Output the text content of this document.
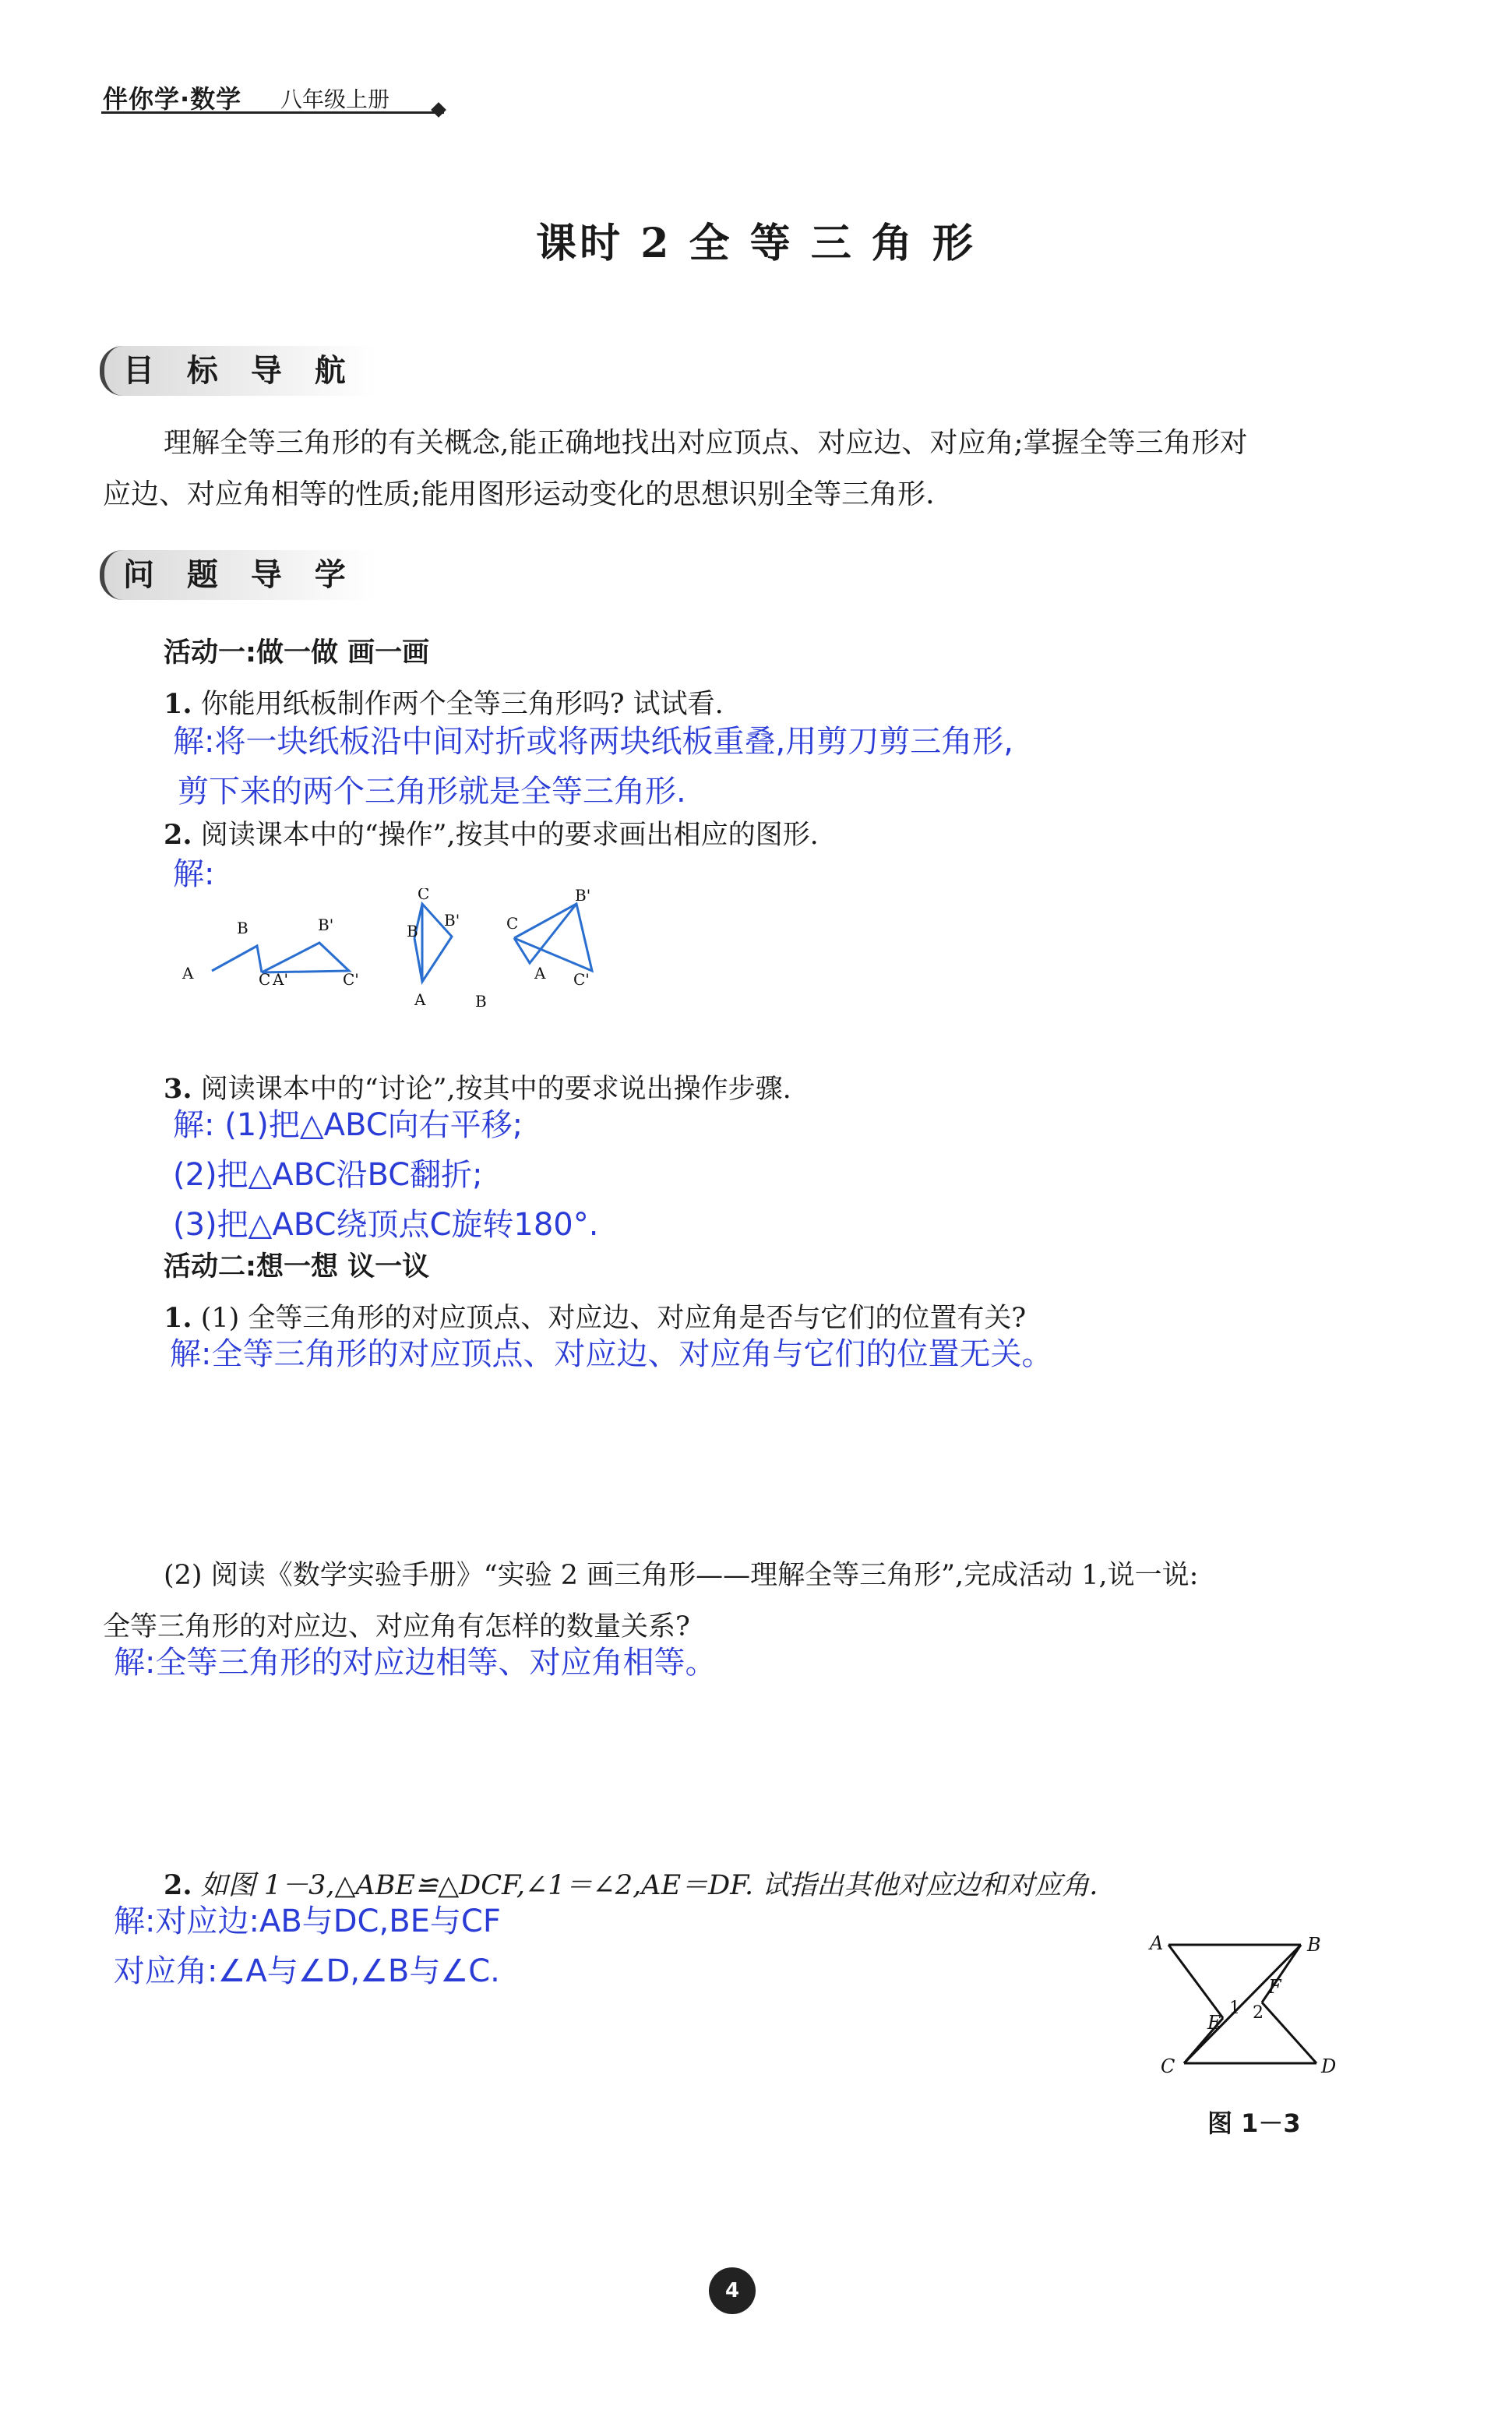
伴你学·数学 八年级上册
课时 2 全 等 三 角 形
目 标 导 航
理解全等三角形的有关概念,能正确地找出对应顶点、对应边、对应角;掌握全等三角形对
应边、对应角相等的性质;能用图形运动变化的思想识别全等三角形.
问 题 导 学
活动一:做一做 画一画
1. 你能用纸板制作两个全等三角形吗? 试试看.
解:将一块纸板沿中间对折或将两块纸板重叠,用剪刀剪三角形,
剪下来的两个三角形就是全等三角形.
2. 阅读课本中的“操作”,按其中的要求画出相应的图形.
解:
A
B
C A'
B'
C'
B
C
B'
A
C
B'
A C'
B
3. 阅读课本中的“讨论”,按其中的要求说出操作步骤.
解: (1)把△ABC向右平移;
(2)把△ABC沿BC翻折;
(3)把△ABC绕顶点C旋转180°.
活动二:想一想 议一议
1. (1) 全等三角形的对应顶点、对应边、对应角是否与它们的位置有关?
解:全等三角形的对应顶点、对应边、对应角与它们的位置无关。
(2) 阅读《数学实验手册》“实验 2 画三角形——理解全等三角形”,完成活动 1,说一说:
全等三角形的对应边、对应角有怎样的数量关系?
解:全等三角形的对应边相等、对应角相等。
2. 如图 1－3,△ABE≌△DCF,∠1＝∠2,AE＝DF. 试指出其他对应边和对应角.
解:对应边:AB与DC,BE与CF
对应角:∠A与∠D,∠B与∠C.
A	B
C	D
E
F
1 2
图 1－3
4
